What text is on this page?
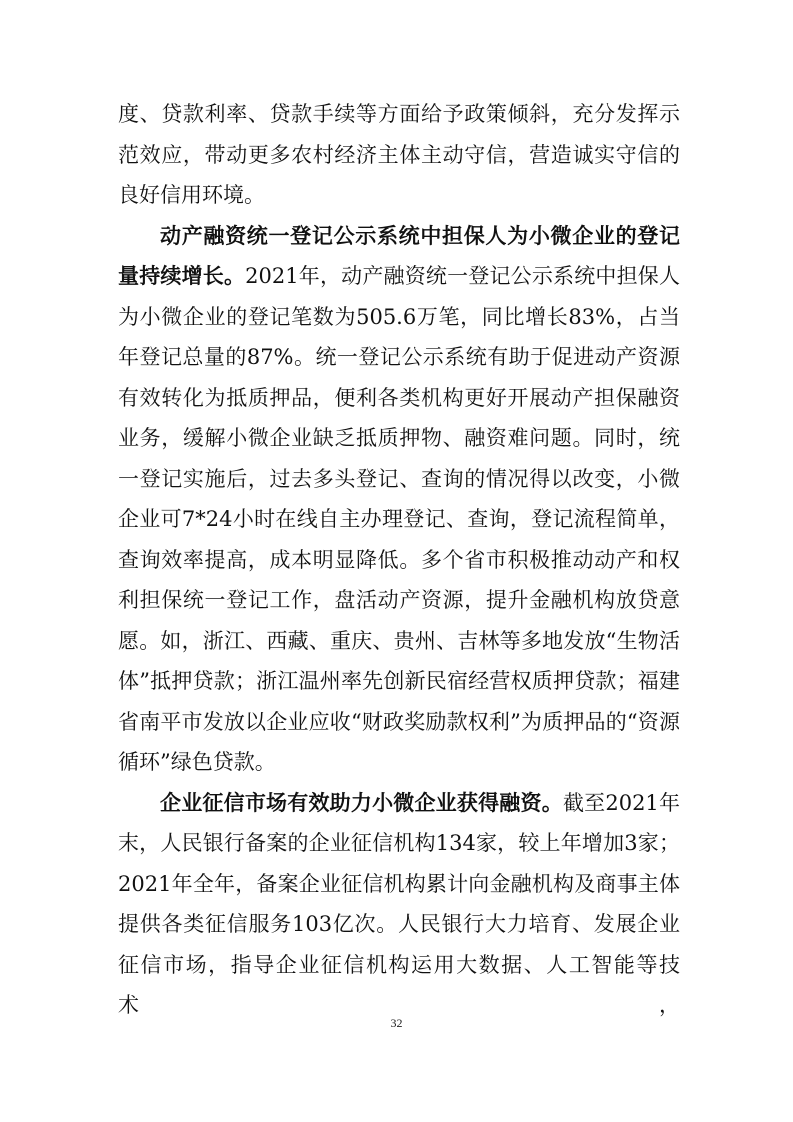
度、贷款利率、贷款手续等方面给予政策倾斜，充分发挥示范效应，带动更多农村经济主体主动守信，营造诚实守信的良好信用环境。

动产融资统一登记公示系统中担保人为小微企业的登记量持续增长。2021年，动产融资统一登记公示系统中担保人为小微企业的登记笔数为505.6万笔，同比增长83%，占当年登记总量的87%。统一登记公示系统有助于促进动产资源有效转化为抵质押品，便利各类机构更好开展动产担保融资业务，缓解小微企业缺乏抵质押物、融资难问题。同时，统一登记实施后，过去多头登记、查询的情况得以改变，小微企业可7*24小时在线自主办理登记、查询，登记流程简单，查询效率提高，成本明显降低。多个省市积极推动动产和权利担保统一登记工作，盘活动产资源，提升金融机构放贷意愿。如，浙江、西藏、重庆、贵州、吉林等多地发放“生物活体”抵押贷款；浙江温州率先创新民宿经营权质押贷款；福建省南平市发放以企业应收“财政奖励款权利”为质押品的“资源循环”绿色贷款。

企业征信市场有效助力小微企业获得融资。截至2021年末，人民银行备案的企业征信机构134家，较上年增加3家；2021年全年，备案企业征信机构累计向金融机构及商事主体提供各类征信服务103亿次。人民银行大力培育、发展企业征信市场，指导企业征信机构运用大数据、人工智能等技术，

32
